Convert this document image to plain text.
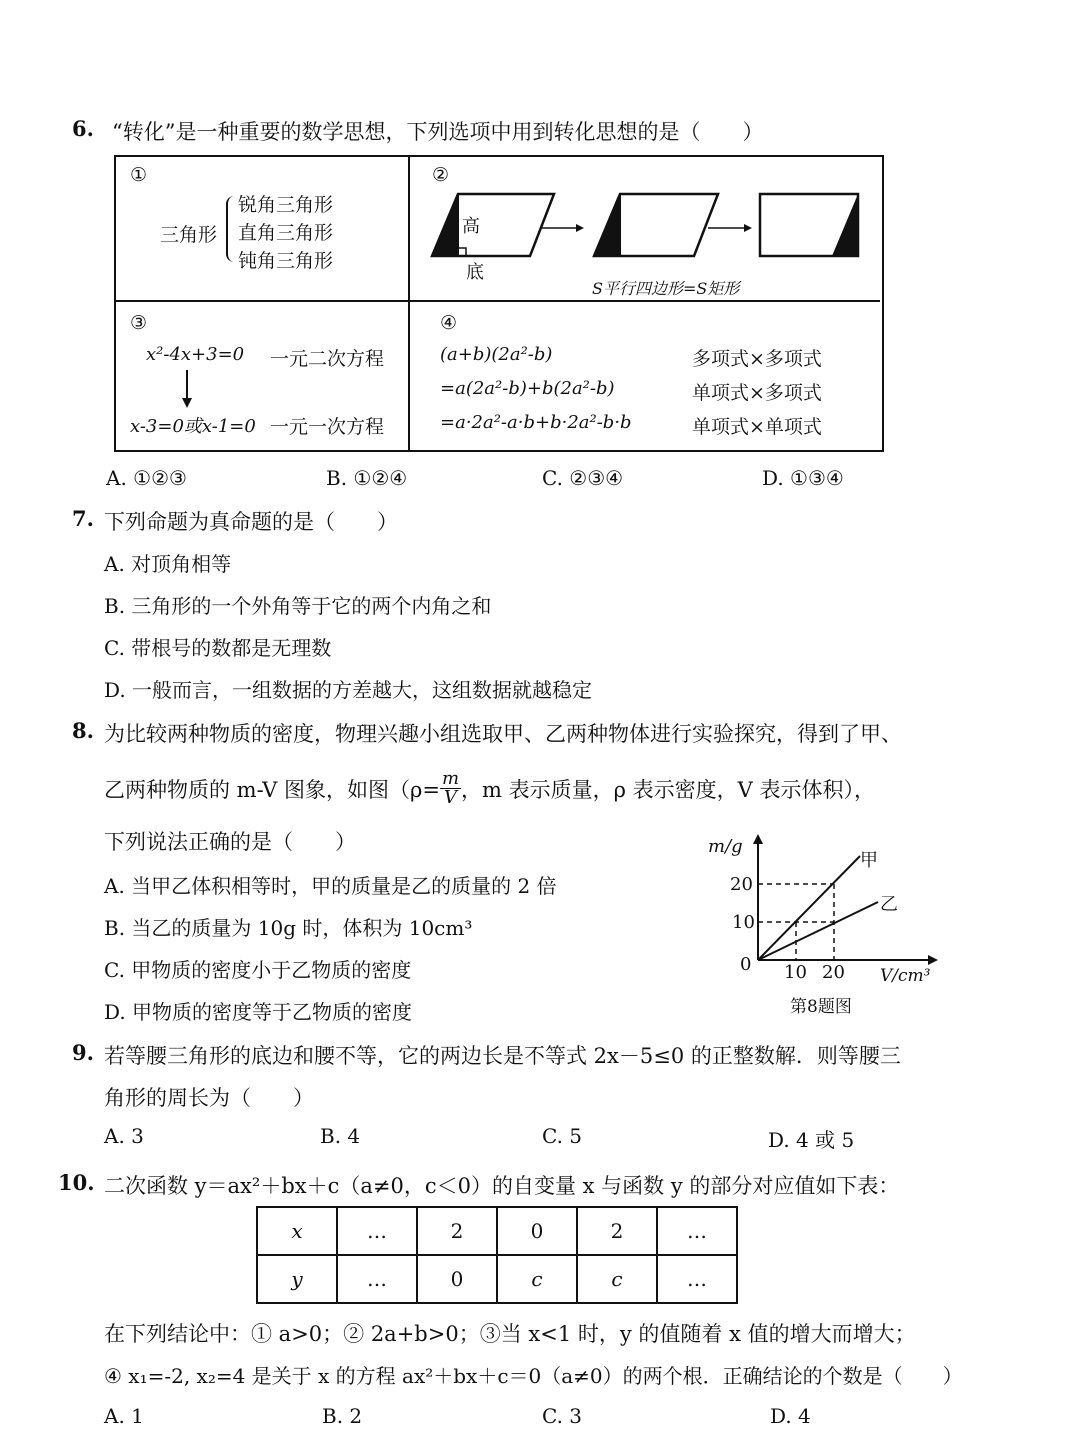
6. “转化”是一种重要的数学思想，下列选项中用到转化思想的是（　　）
①
三角形
锐角三角形
直角三角形
钝角三角形
②
高
底
S平行四边形=S矩形
③
x²-4x+3=0 一元二次方程
x-3=0或x-1=0 一元一次方程
④
(a+b)(2a²-b)	多项式×多项式
=a(2a²-b)+b(2a²-b)	单项式×多项式
=a·2a²-a·b+b·2a²-b·b	单项式×单项式
A. ①②③	B. ①②④	C. ②③④	D. ①③④
7. 下列命题为真命题的是（　　）
A. 对顶角相等
B. 三角形的一个外角等于它的两个内角之和
C. 带根号的数都是无理数
D. 一般而言，一组数据的方差越大，这组数据就越稳定
8. 为比较两种物质的密度，物理兴趣小组选取甲、乙两种物体进行实验探究，得到了甲、
乙两种物质的 m-V 图象，如图（$\rho= \frac{m}{V}$ ，m 表示质量，ρ 表示密度，V 表示体积），
下列说法正确的是（　　）
A. 当甲乙体积相等时，甲的质量是乙的质量的 2 倍
B. 当乙的质量为 10g 时，体积为 10cm³
C. 甲物质的密度小于乙物质的密度
D. 甲物质的密度等于乙物质的密度
m/g
20
10
0 10 20 V/cm³
甲
乙
第8题图
9. 若等腰三角形的底边和腰不等，它的两边长是不等式 2x－5≤0 的正整数解．则等腰三
角形的周长为（　　）
A. 3	B. 4	C. 5	D. 4 或 5
10. 二次函数 y＝ax²＋bx＋c（a≠0，c＜0）的自变量 x 与函数 y 的部分对应值如下表：
x	…	2	0	2	…
y	…	0	c	c	…
在下列结论中：① a>0；② 2a+b>0；③当 x<1 时，y 的值随着 x 值的增大而增大；
④ x₁=-2, x₂=4 是关于 x 的方程 ax²＋bx＋c＝0（a≠0）的两个根．正确结论的个数是（　　）
A. 1	B. 2	C. 3	D. 4
